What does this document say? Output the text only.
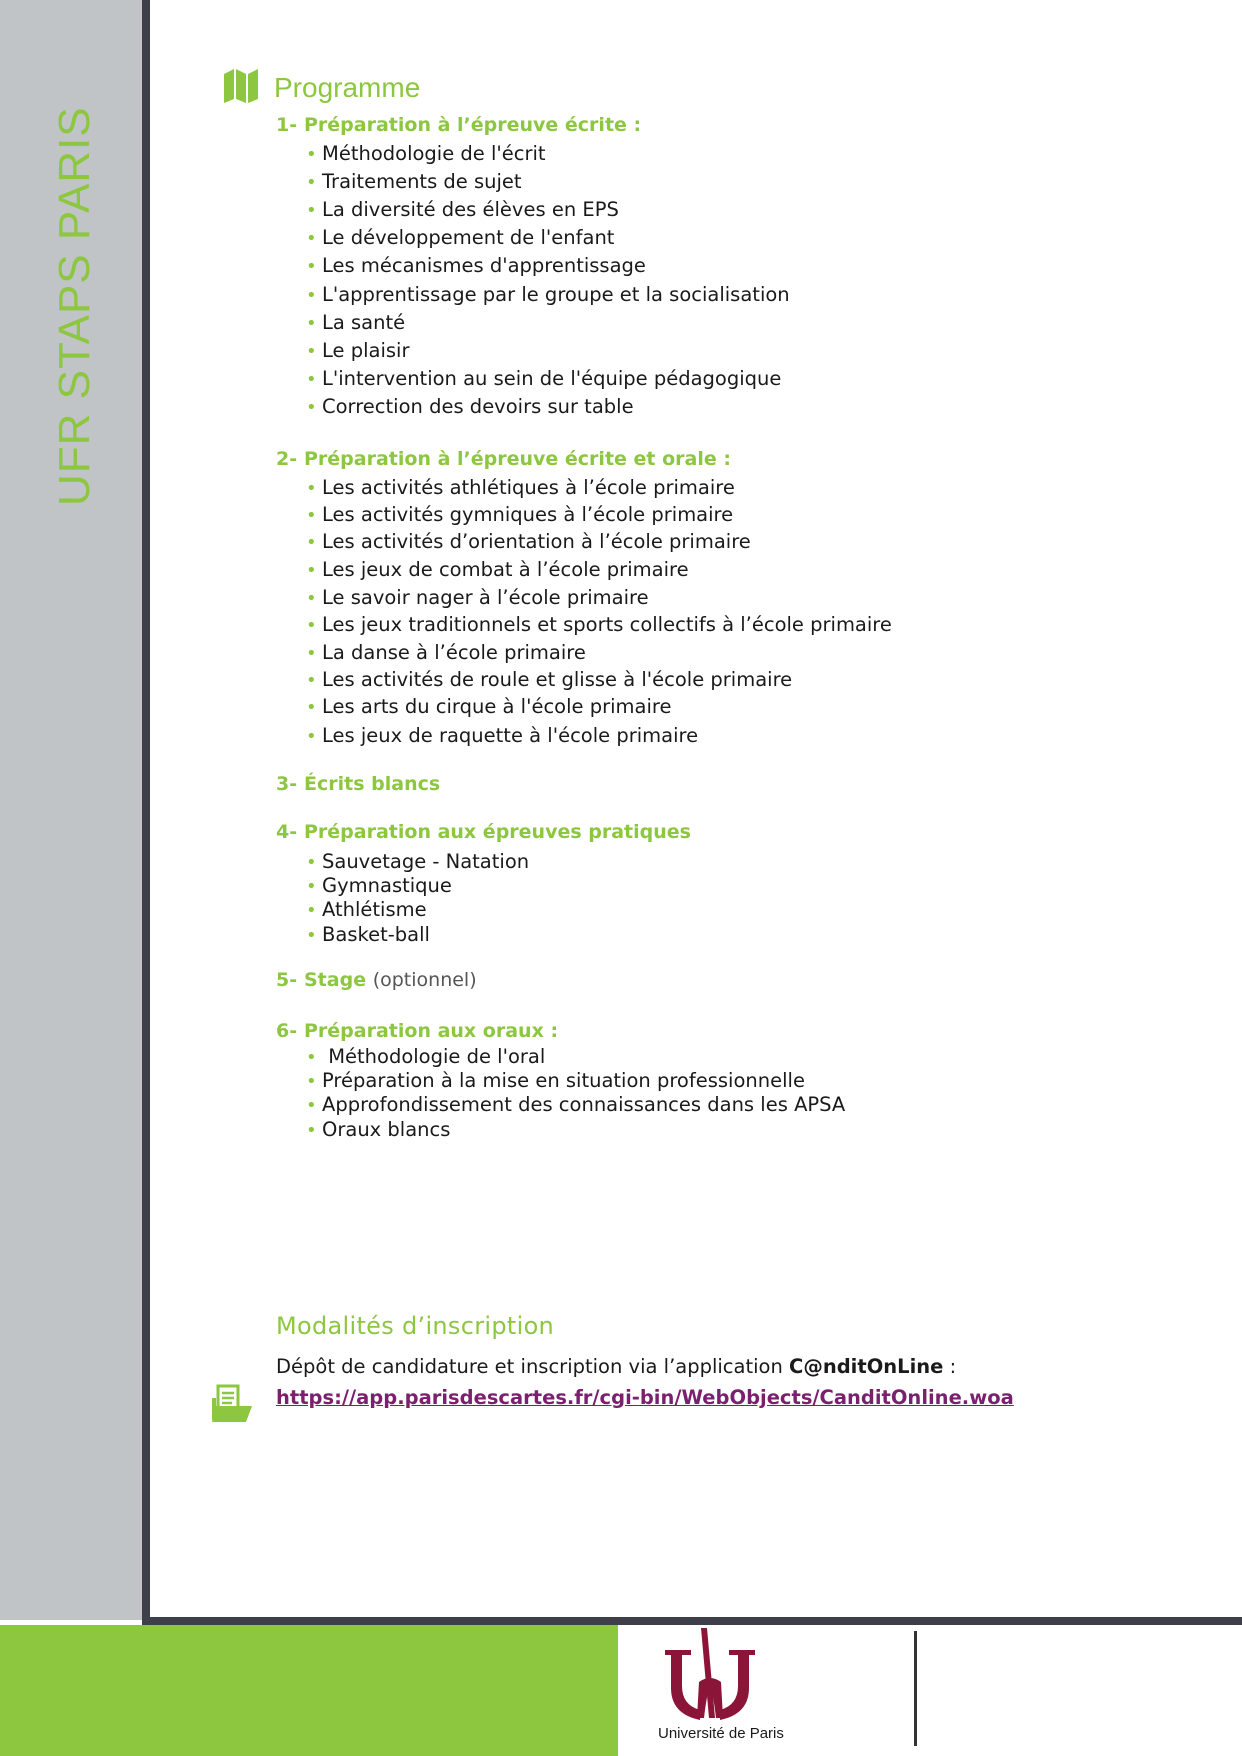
UFR STAPS PARIS
Programme
1- Préparation à l’épreuve écrite :
• Méthodologie de l'écrit
• Traitements de sujet
• La diversité des élèves en EPS
• Le développement de l'enfant
• Les mécanismes d'apprentissage
• L'apprentissage par le groupe et la socialisation
• La santé
• Le plaisir
• L'intervention au sein de l'équipe pédagogique
• Correction des devoirs sur table
2- Préparation à l’épreuve écrite et orale :
• Les activités athlétiques à l’école primaire
• Les activités gymniques à l’école primaire
• Les activités d’orientation à l’école primaire
• Les jeux de combat à l’école primaire
• Le savoir nager à l’école primaire
• Les jeux traditionnels et sports collectifs à l’école primaire
• La danse à l’école primaire
• Les activités de roule et glisse à l'école primaire
• Les arts du cirque à l'école primaire
• Les jeux de raquette à l'école primaire
3- Écrits blancs
4- Préparation aux épreuves pratiques
• Sauvetage - Natation
• Gymnastique
• Athlétisme
• Basket-ball
5- Stage (optionnel)
6- Préparation aux oraux :
• Méthodologie de l'oral
• Préparation à la mise en situation professionnelle
• Approfondissement des connaissances dans les APSA
• Oraux blancs
Modalités d’inscription
Dépôt de candidature et inscription via l’application C@nditOnLine :
https://app.parisdescartes.fr/cgi-bin/WebObjects/CanditOnline.woa
Université de Paris
